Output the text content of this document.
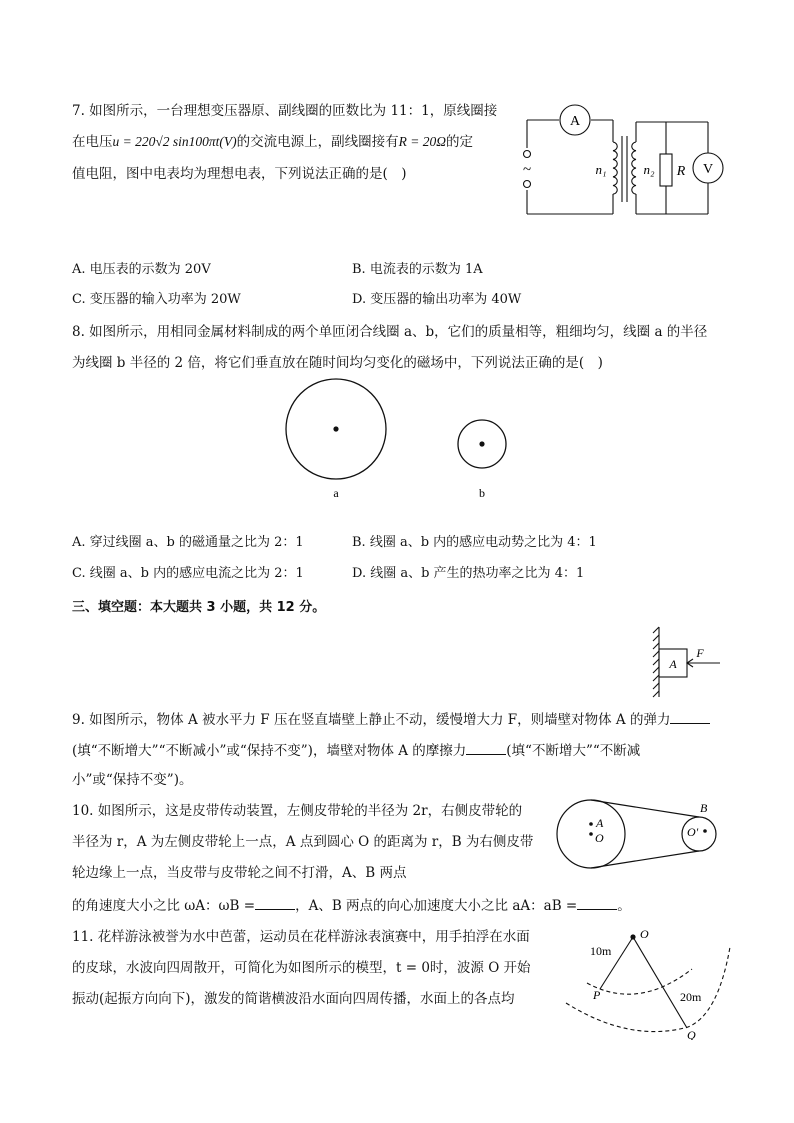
7. 如图所示，一台理想变压器原、副线圈的匝数比为 11：1，原线圈接
在电压u = 220√2 sin100πt(V)的交流电源上，副线圈接有R = 20Ω的定
值电阻，图中电表均为理想电表，下列说法正确的是(　)
A
V
~	n₁	n₂ R
A. 电压表的示数为 20V	B. 电流表的示数为 1A
C. 变压器的输入功率为 20W	D. 变压器的输出功率为 40W
8. 如图所示，用相同金属材料制成的两个单匝闭合线圈 a、b，它们的质量相等，粗细均匀，线圈 a 的半径
为线圈 b 半径的 2 倍，将它们垂直放在随时间均匀变化的磁场中，下列说法正确的是(　)
a	b
A. 穿过线圈 a、b 的磁通量之比为 2：1	B. 线圈 a、b 内的感应电动势之比为 4：1
C. 线圈 a、b 内的感应电流之比为 2：1	D. 线圈 a、b 产生的热功率之比为 4：1
三、填空题：本大题共 3 小题，共 12 分。
A
F
9. 如图所示，物体 A 被水平力 F 压在竖直墙壁上静止不动，缓慢增大力 F，则墙壁对物体 A 的弹力
(填“不断增大”“不断减小”或“保持不变”)，墙壁对物体 A 的摩擦力	(填“不断增大”“不断减
小”或“保持不变”)。
10. 如图所示，这是皮带传动装置，左侧皮带轮的半径为 2r，右侧皮带轮的
半径为 r，A 为左侧皮带轮上一点，A 点到圆心 O 的距离为 r，B 为右侧皮带
轮边缘上一点，当皮带与皮带轮之间不打滑，A、B 两点
的角速度大小之比 ωA：ωB =	，A、B 两点的向心加速度大小之比 aA：aB =	。
A
O
B
O'
11. 花样游泳被誉为水中芭蕾，运动员在花样游泳表演赛中，用手拍浮在水面
的皮球，水波向四周散开，可简化为如图所示的模型，t = 0时，波源 O 开始
振动(起振方向向下)，激发的简谐横波沿水面向四周传播，水面上的各点均
O
P
Q
10m
20m
